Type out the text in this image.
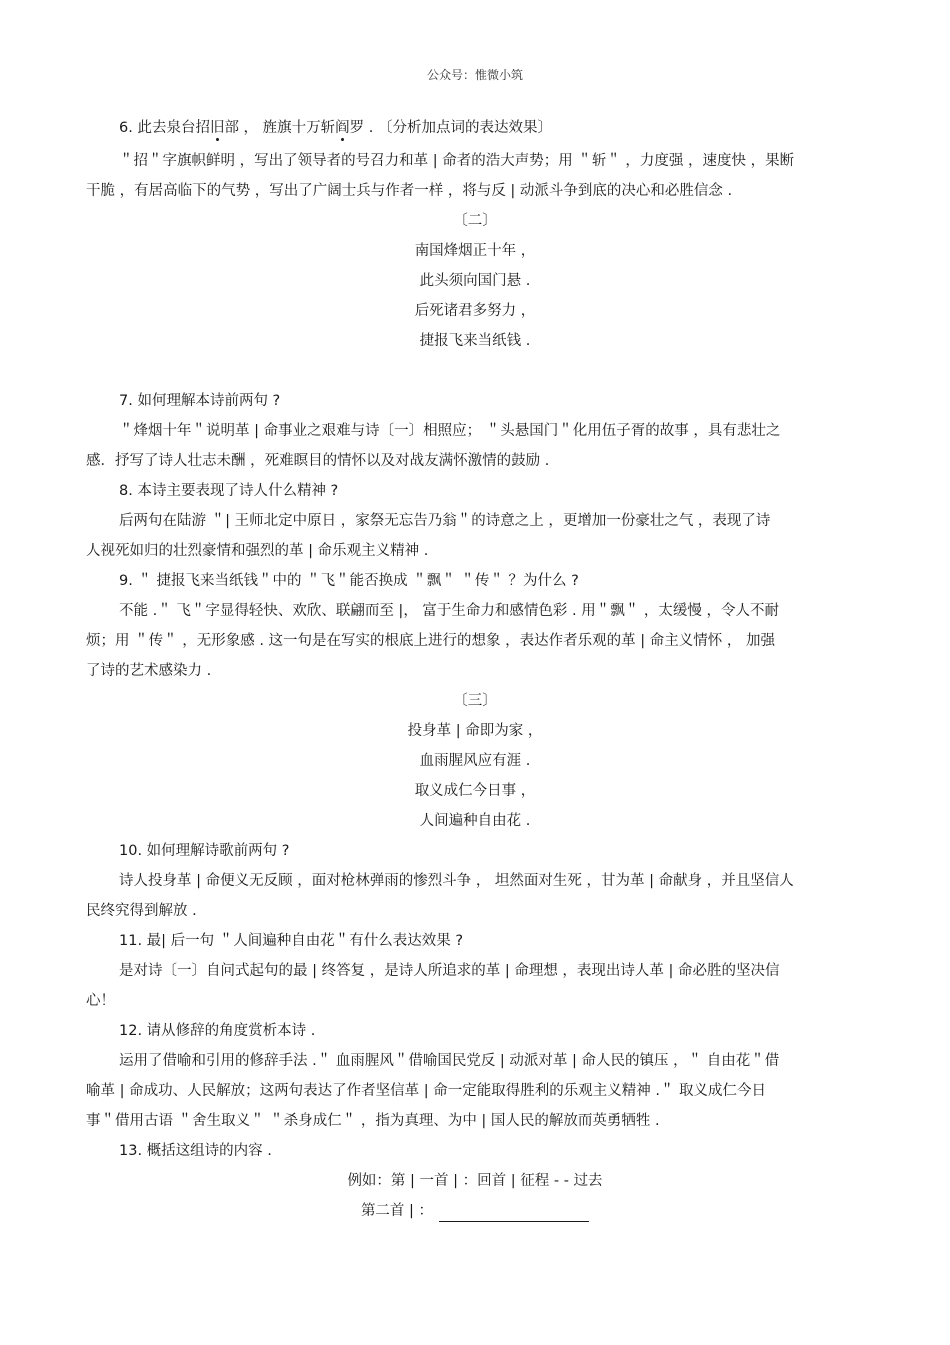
公众号：惟微小筑
6. 此去泉台招旧部 ， 旌旗十万斩阎罗 . 〔分析加点词的表达效果〕
＂招＂字旗帜鲜明 ，写出了领导者的号召力和革 | 命者的浩大声势；用 ＂斩＂ ，力度强 ，速度快 ，果断
干脆 ，有居高临下的气势 ，写出了广阔士兵与作者一样 ，将与反 | 动派斗争到底的决心和必胜信念 .
〔二〕
南国烽烟正十年 ，
此头须向国门悬 .
后死诸君多努力 ，
捷报飞来当纸钱 .
7. 如何理解本诗前两句 ?
＂烽烟十年＂说明革 | 命事业之艰难与诗〔一〕相照应； ＂头悬国门＂化用伍子胥的故事 ，具有悲壮之
感．抒写了诗人壮志未酬 ，死难瞑目的情怀以及对战友满怀激情的鼓励 .
8. 本诗主要表现了诗人什么精神 ?
后两句在陆游 ＂| 王师北定中原日 ，家祭无忘告乃翁＂的诗意之上 ，更增加一份豪壮之气 ，表现了诗
人视死如归的壮烈豪情和强烈的革 | 命乐观主义精神 .
9. ＂ 捷报飞来当纸钱＂中的 ＂飞＂能否换成 ＂飘＂ ＂传＂ ？为什么 ?
不能 .＂ 飞＂字显得轻快、欢欣、联翩而至 |， 富于生命力和感情色彩 . 用＂飘＂ ，太缓慢 ，令人不耐
烦；用 ＂传＂ ，无形象感 . 这一句是在写实的根底上进行的想象 ，表达作者乐观的革 | 命主义情怀 ， 加强
了诗的艺术感染力 .
〔三〕
投身革 | 命即为家 ，
血雨腥风应有涯 .
取义成仁今日事 ，
人间遍种自由花 .
10. 如何理解诗歌前两句 ?
诗人投身革 | 命便义无反顾 ，面对枪林弹雨的惨烈斗争 ， 坦然面对生死 ，甘为革 | 命献身 ，并且坚信人
民终究得到解放 .
11. 最| 后一句 ＂人间遍种自由花＂有什么表达效果 ?
是对诗〔一〕自问式起句的最 | 终答复 ，是诗人所追求的革 | 命理想 ，表现出诗人革 | 命必胜的坚决信
心！
12. 请从修辞的角度赏析本诗 .
运用了借喻和引用的修辞手法 .＂ 血雨腥风＂借喻国民党反 | 动派对革 | 命人民的镇压 ，＂ 自由花＂借
喻革 | 命成功、人民解放；这两句表达了作者坚信革 | 命一定能取得胜利的乐观主义精神 .＂ 取义成仁今日
事＂借用古语 ＂舍生取义＂ ＂杀身成仁＂ ，指为真理、为中 | 国人民的解放而英勇牺牲 .
13. 概括这组诗的内容 .
例如：第 | 一首 | ：回首 | 征程 - - 过去
第二首 | ：
